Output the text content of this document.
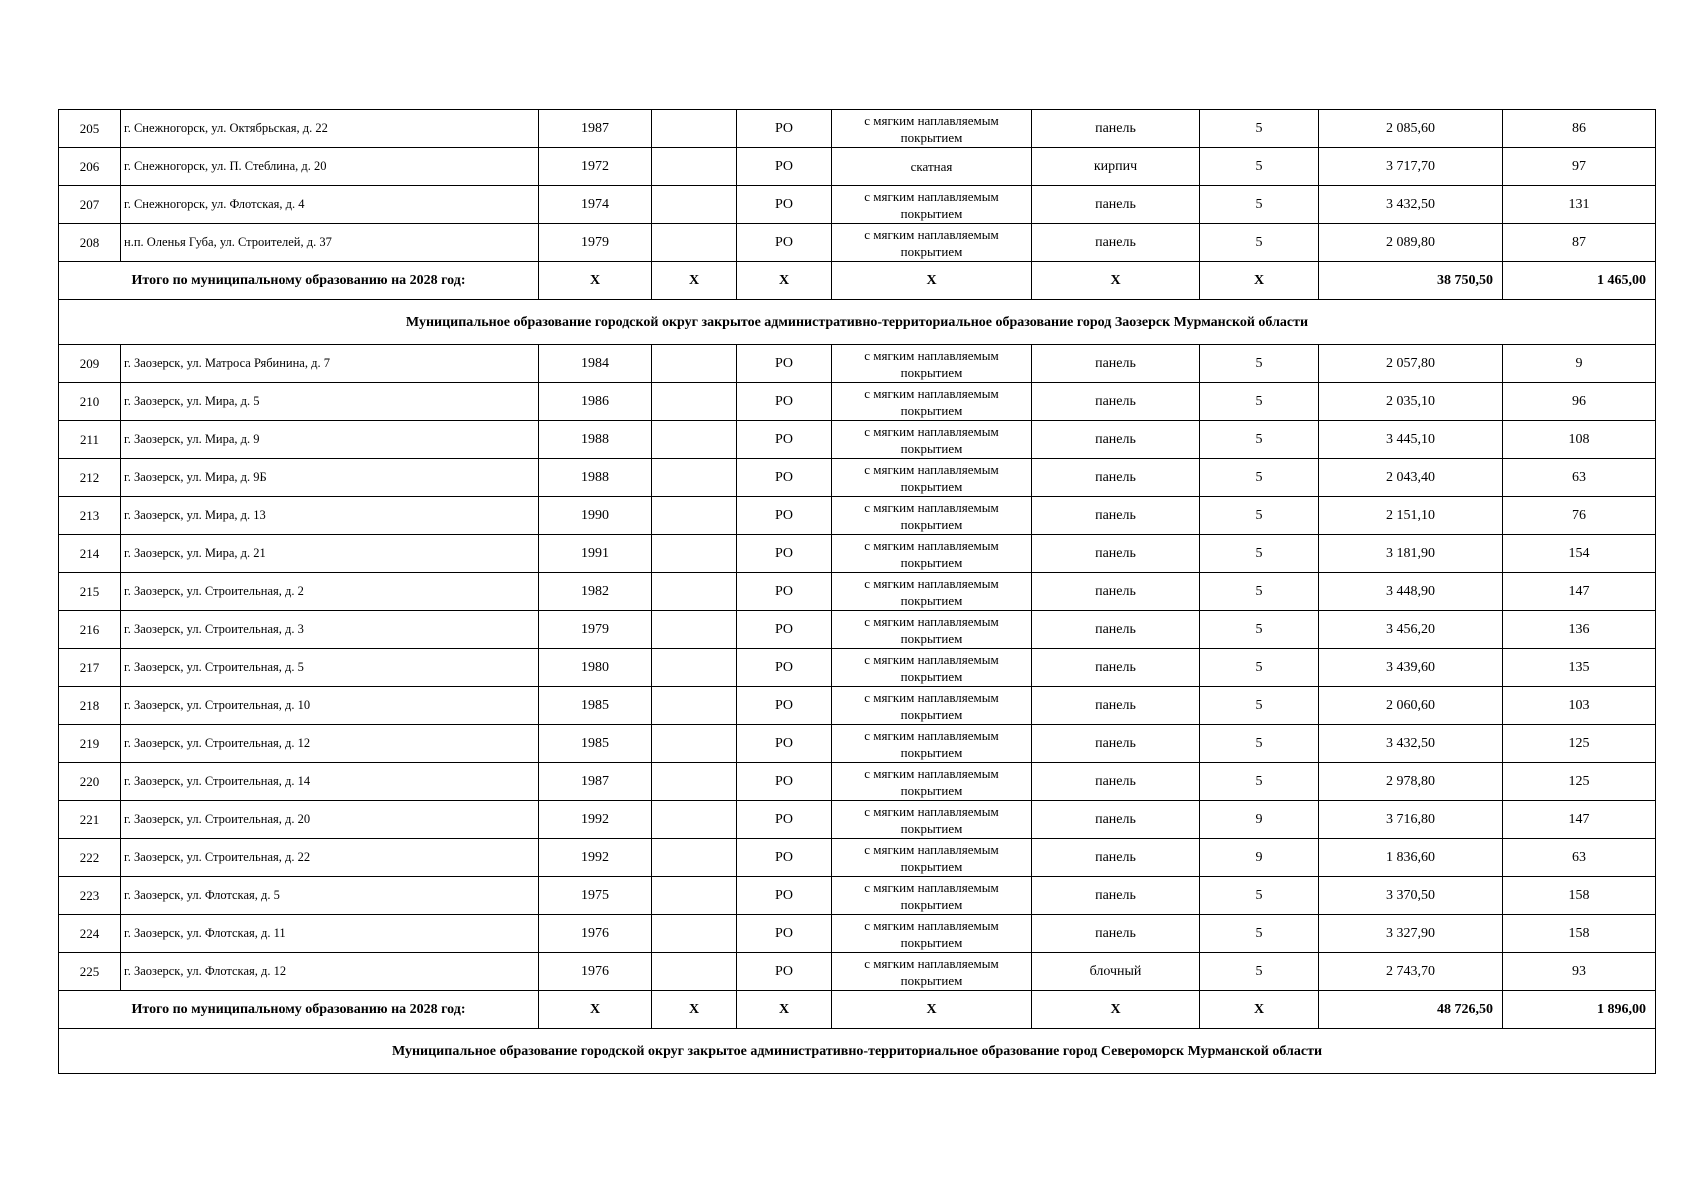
205	г. Снежногорск, ул. Октябрьская, д. 22	1987		РО	с мягким наплавляемым покрытием	панель	5	2 085,60	86
206	г. Снежногорск, ул. П. Стеблина, д. 20	1972		РО	скатная	кирпич	5	3 717,70	97
207	г. Снежногорск, ул. Флотская, д. 4	1974		РО	с мягким наплавляемым покрытием	панель	5	3 432,50	131
208	н.п. Оленья Губа, ул. Строителей, д. 37	1979		РО	с мягким наплавляемым покрытием	панель	5	2 089,80	87
Итого по муниципальному образованию на 2028 год:		Х	Х	Х	Х	Х	Х	38 750,50	1 465,00
Муниципальное образование городской округ закрытое административно-территориальное образование город Заозерск Мурманской области									
209	г. Заозерск, ул. Матроса Рябинина, д. 7	1984		РО	с мягким наплавляемым покрытием	панель	5	2 057,80	9
210	г. Заозерск, ул. Мира, д. 5	1986		РО	с мягким наплавляемым покрытием	панель	5	2 035,10	96
211	г. Заозерск, ул. Мира, д. 9	1988		РО	с мягким наплавляемым покрытием	панель	5	3 445,10	108
212	г. Заозерск, ул. Мира, д. 9Б	1988		РО	с мягким наплавляемым покрытием	панель	5	2 043,40	63
213	г. Заозерск, ул. Мира, д. 13	1990		РО	с мягким наплавляемым покрытием	панель	5	2 151,10	76
214	г. Заозерск, ул. Мира, д. 21	1991		РО	с мягким наплавляемым покрытием	панель	5	3 181,90	154
215	г. Заозерск, ул. Строительная, д. 2	1982		РО	с мягким наплавляемым покрытием	панель	5	3 448,90	147
216	г. Заозерск, ул. Строительная, д. 3	1979		РО	с мягким наплавляемым покрытием	панель	5	3 456,20	136
217	г. Заозерск, ул. Строительная, д. 5	1980		РО	с мягким наплавляемым покрытием	панель	5	3 439,60	135
218	г. Заозерск, ул. Строительная, д. 10	1985		РО	с мягким наплавляемым покрытием	панель	5	2 060,60	103
219	г. Заозерск, ул. Строительная, д. 12	1985		РО	с мягким наплавляемым покрытием	панель	5	3 432,50	125
220	г. Заозерск, ул. Строительная, д. 14	1987		РО	с мягким наплавляемым покрытием	панель	5	2 978,80	125
221	г. Заозерск, ул. Строительная, д. 20	1992		РО	с мягким наплавляемым покрытием	панель	9	3 716,80	147
222	г. Заозерск, ул. Строительная, д. 22	1992		РО	с мягким наплавляемым покрытием	панель	9	1 836,60	63
223	г. Заозерск, ул. Флотская, д. 5	1975		РО	с мягким наплавляемым покрытием	панель	5	3 370,50	158
224	г. Заозерск, ул. Флотская, д. 11	1976		РО	с мягким наплавляемым покрытием	панель	5	3 327,90	158
225	г. Заозерск, ул. Флотская, д. 12	1976		РО	с мягким наплавляемым покрытием	блочный	5	2 743,70	93
Итого по муниципальному образованию на 2028 год:		Х	Х	Х	Х	Х	Х	48 726,50	1 896,00
Муниципальное образование городской округ закрытое административно-территориальное образование город Североморск Мурманской области									
